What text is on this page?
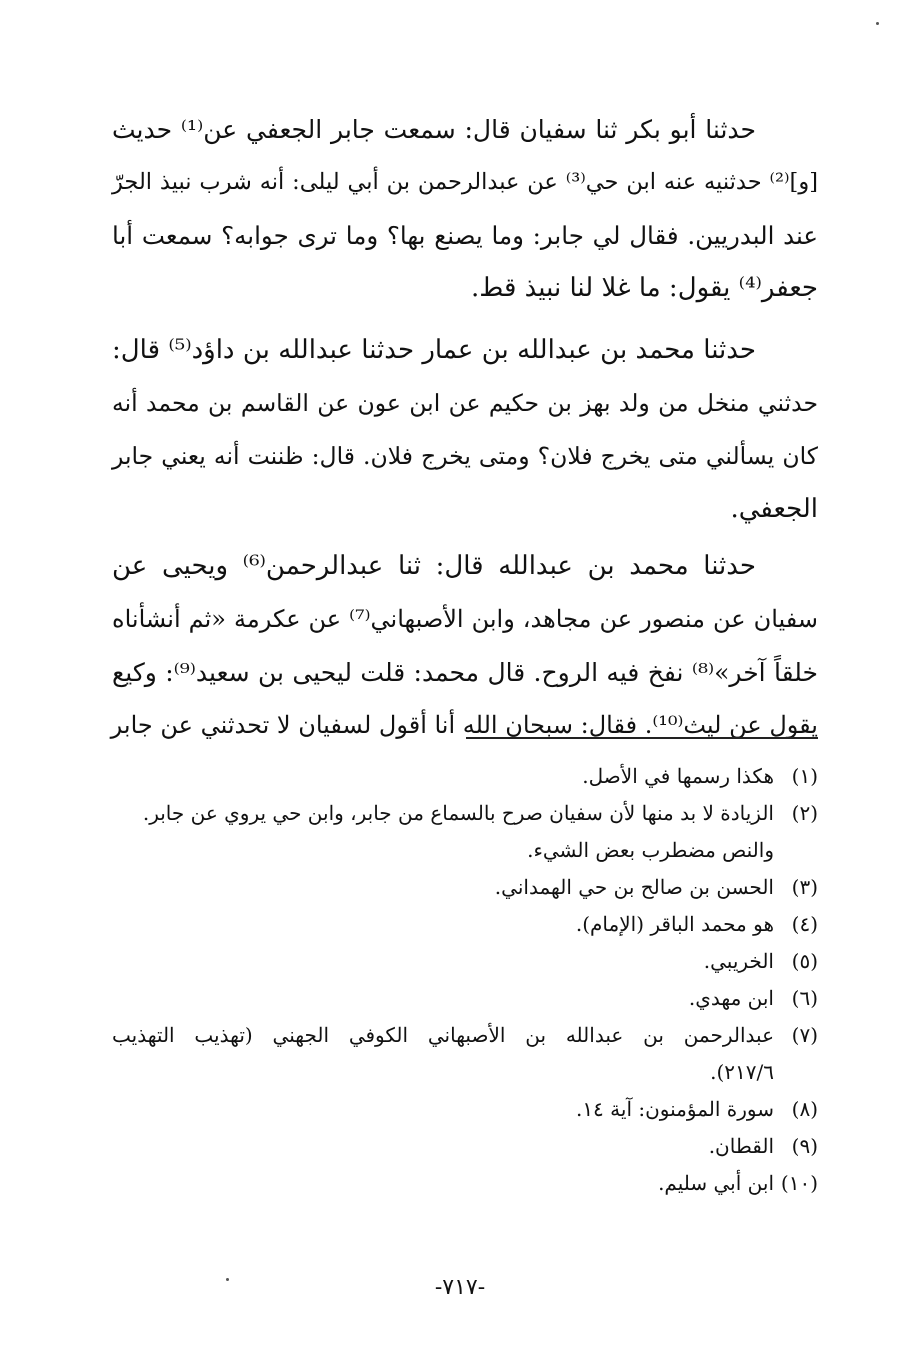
حدثنا أبو بكر ثنا سفيان قال: سمعت جابر الجعفي عن⁽¹⁾ حديث
[و]⁽²⁾ حدثنيه عنه ابن حي⁽³⁾ عن عبدالرحمن بن أبي ليلى: أنه شرب نبيذ الجرّ
عند البدريين. فقال لي جابر: وما يصنع بها؟ وما ترى جوابه؟ سمعت أبا
جعفر⁽⁴⁾ يقول: ما غلا لنا نبيذ قط.
حدثنا محمد بن عبدالله بن عمار حدثنا عبدالله بن داؤد⁽⁵⁾ قال:
حدثني منخل من ولد بهز بن حكيم عن ابن عون عن القاسم بن محمد أنه
كان يسألني متى يخرج فلان؟ ومتى يخرج فلان. قال: ظننت أنه يعني جابر
الجعفي.
حدثنا محمد بن عبدالله قال: ثنا عبدالرحمن⁽⁶⁾ ويحيى عن
سفيان عن منصور عن مجاهد، وابن الأصبهاني⁽⁷⁾ عن عكرمة «ثم أنشأناه
خلقاً آخر»⁽⁸⁾ نفخ فيه الروح. قال محمد: قلت ليحيى بن سعيد⁽⁹⁾: وكيع
يقول عن ليث⁽¹⁰⁾. فقال: سبحان الله أنا أقول لسفيان لا تحدثني عن جابر
(١)
هكذا رسمها في الأصل.
(٢)
الزيادة لا بد منها لأن سفيان صرح بالسماع من جابر، وابن حي يروي عن جابر.
والنص مضطرب بعض الشيء.
(٣)
الحسن بن صالح بن حي الهمداني.
(٤)
هو محمد الباقر (الإمام).
(٥)
الخريبي.
(٦)
ابن مهدي.
(٧)
عبدالرحمن بن عبدالله بن الأصبهاني الكوفي الجهني (تهذيب التهذيب
٢١٧/٦).
(٨)
سورة المؤمنون: آية ١٤.
(٩)
القطان.
(١٠)
ابن أبي سليم.
-٧١٧-
